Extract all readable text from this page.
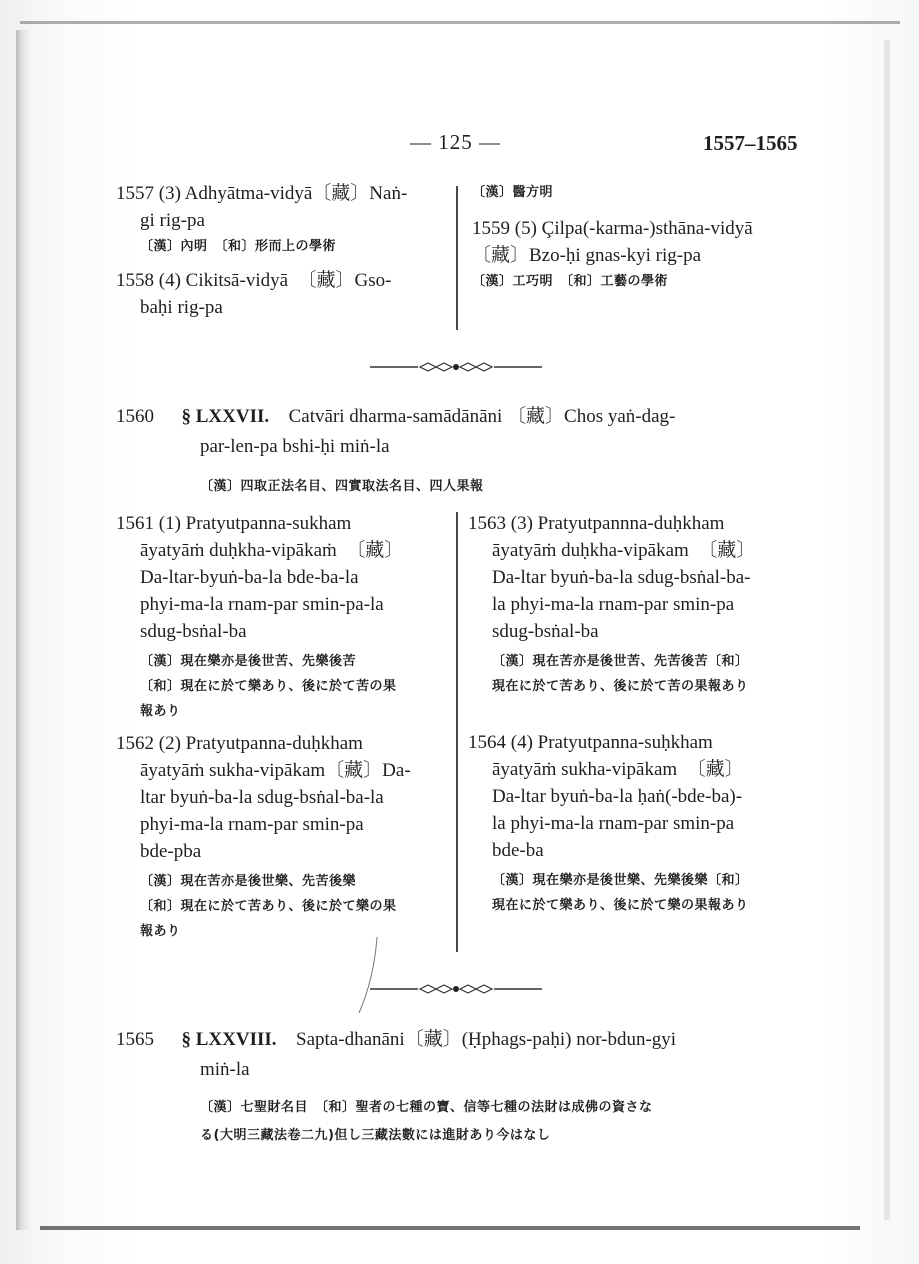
— 125 —	1557–1565
1557 (3) Adhyātma-vidyā〔藏〕Naṅ-
gi rig-pa
〔漢〕內明　〔和〕形而上の學術
1558 (4) Cikitsā-vidyā　〔藏〕Gso-
baḥi rig-pa
〔漢〕醫方明
1559 (5) Çilpa(-karma-)sthāna-vidyā
〔藏〕Bzo-ḥi gnas-kyi rig-pa
〔漢〕工巧明　〔和〕工藝の學術
1560 § LXXVII. Catvāri dharma-samādānāni 〔藏〕Chos yaṅ-dag-
par-len-pa bshi-ḥi miṅ-la
〔漢〕四取正法名目、四實取法名目、四人果報
1561 (1) Pratyutpanna-sukham
āyatyāṁ duḥkha-vipākaṁ　〔藏〕
Da-ltar-byuṅ-ba-la bde-ba-la
phyi-ma-la rnam-par smin-pa-la
sdug-bsṅal-ba
〔漢〕現在樂亦是後世苦、先樂後苦
〔和〕現在に於て樂あり、後に於て苦の果
報あり
1562 (2) Pratyutpanna-duḥkham
āyatyāṁ sukha-vipākam〔藏〕Da-
ltar byuṅ-ba-la sdug-bsṅal-ba-la
phyi-ma-la rnam-par smin-pa
bde-pba
〔漢〕現在苦亦是後世樂、先苦後樂
〔和〕現在に於て苦あり、後に於て樂の果
報あり
1563 (3) Pratyutpannna-duḥkham
āyatyāṁ duḥkha-vipākam　〔藏〕
Da-ltar byuṅ-ba-la sdug-bsṅal-ba-
la phyi-ma-la rnam-par smin-pa
sdug-bsṅal-ba
〔漢〕現在苦亦是後世苦、先苦後苦〔和〕
現在に於て苦あり、後に於て苦の果報あり
1564 (4) Pratyutpanna-suḥkham
āyatyāṁ sukha-vipākam　〔藏〕
Da-ltar byuṅ-ba-la ḥaṅ(-bde-ba)-
la phyi-ma-la rnam-par smin-pa
bde-ba
〔漢〕現在樂亦是後世樂、先樂後樂〔和〕
現在に於て樂あり、後に於て樂の果報あり
1565 § LXXVIII. Sapta-dhanāni〔藏〕(Ḥphags-paḥi) nor-bdun-gyi
miṅ-la
〔漢〕七聖財名目　〔和〕聖者の七種の寶、信等七種の法財は成佛の資さな
る(大明三藏法卷二九)但し三藏法數には進財あり今はなし
